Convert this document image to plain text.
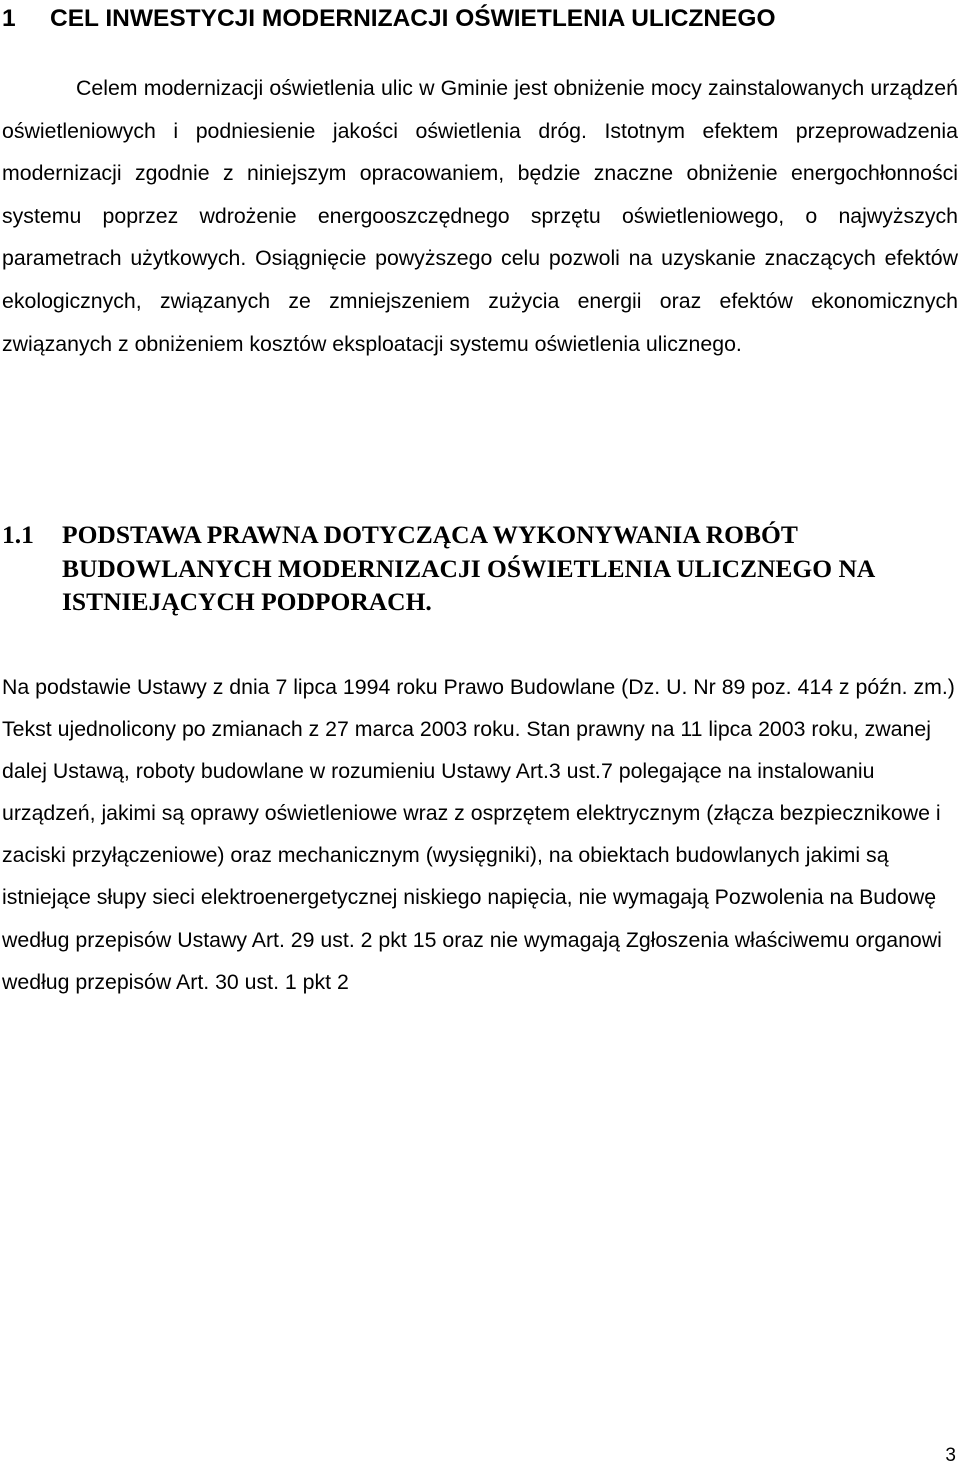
1 CEL INWESTYCJI MODERNIZACJI OŚWIETLENIA ULICZNEGO

Celem modernizacji oświetlenia ulic w Gminie jest obniżenie mocy zainstalowanych urządzeń oświetleniowych i podniesienie jakości oświetlenia dróg. Istotnym efektem przeprowadzenia modernizacji zgodnie z niniejszym opracowaniem, będzie znaczne obniżenie energochłonności systemu poprzez wdrożenie energooszczędnego sprzętu oświetleniowego, o najwyższych parametrach użytkowych. Osiągnięcie powyższego celu pozwoli na uzyskanie znaczących efektów ekologicznych, związanych ze zmniejszeniem zużycia energii oraz efektów ekonomicznych związanych z obniżeniem kosztów eksploatacji systemu oświetlenia ulicznego.

1.1 PODSTAWA PRAWNA DOTYCZĄCA WYKONYWANIA ROBÓT BUDOWLANYCH MODERNIZACJI OŚWIETLENIA ULICZNEGO NA ISTNIEJĄCYCH PODPORACH.

Na podstawie Ustawy z dnia 7 lipca 1994 roku Prawo Budowlane (Dz. U. Nr 89 poz. 414 z późn. zm.) Tekst ujednolicony po zmianach z 27 marca 2003 roku. Stan prawny na 11 lipca 2003 roku, zwanej dalej Ustawą, roboty budowlane w rozumieniu Ustawy Art.3 ust.7 polegające na instalowaniu urządzeń, jakimi są oprawy oświetleniowe wraz z osprzętem elektrycznym (złącza bezpiecznikowe i zaciski przyłączeniowe) oraz mechanicznym (wysięgniki), na obiektach budowlanych jakimi są istniejące słupy sieci elektroenergetycznej niskiego napięcia, nie wymagają Pozwolenia na Budowę według przepisów Ustawy Art. 29 ust. 2 pkt 15 oraz nie wymagają Zgłoszenia właściwemu organowi według przepisów Art. 30 ust. 1 pkt 2

3
